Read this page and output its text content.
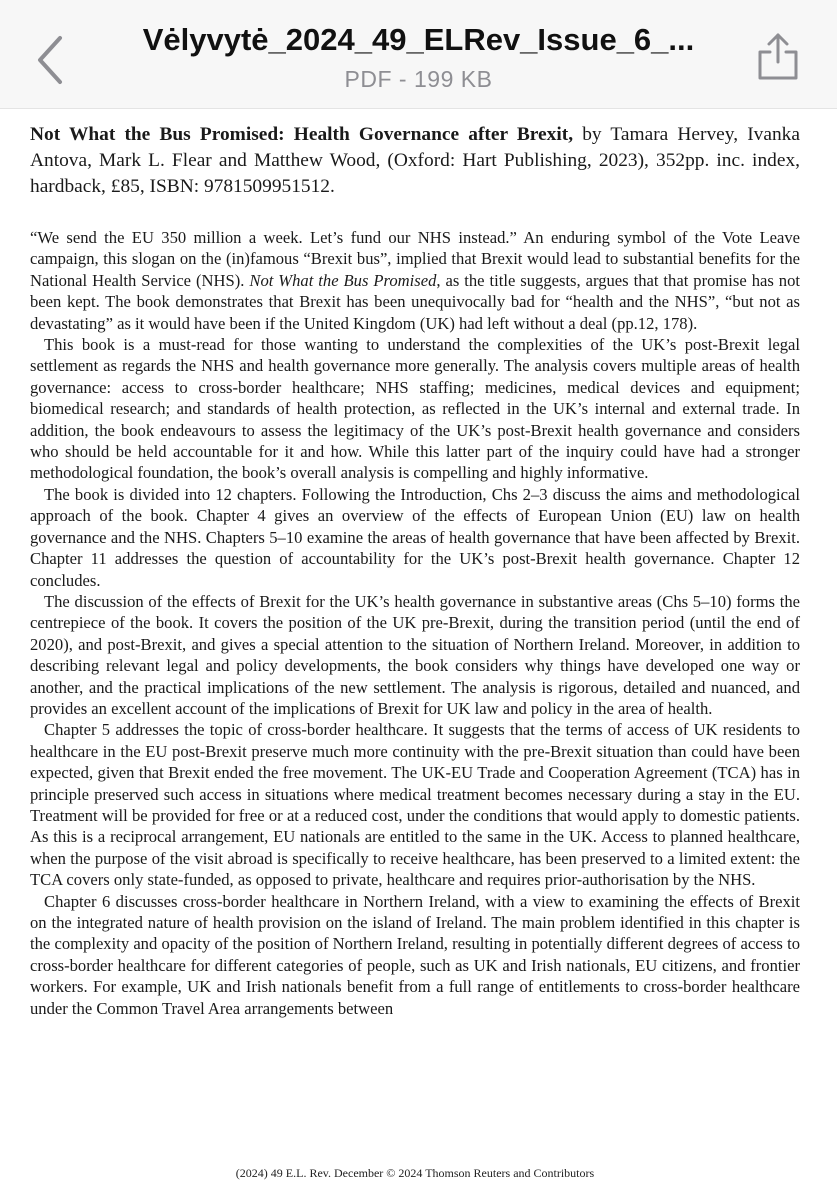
Vėlyvytė_2024_49_ELRev_Issue_6_...
PDF - 199 KB

Not What the Bus Promised: Health Governance after Brexit, by Tamara Hervey, Ivanka Antova, Mark L. Flear and Matthew Wood, (Oxford: Hart Publishing, 2023), 352pp. inc. index, hardback, £85, ISBN: 9781509951512.

“We send the EU 350 million a week. Let’s fund our NHS instead.” An enduring symbol of the Vote Leave campaign, this slogan on the (in)famous “Brexit bus”, implied that Brexit would lead to substantial benefits for the National Health Service (NHS). Not What the Bus Promised, as the title suggests, argues that that promise has not been kept. The book demonstrates that Brexit has been unequivocally bad for “health and the NHS”, “but not as devastating” as it would have been if the United Kingdom (UK) had left without a deal (pp.12, 178).

This book is a must-read for those wanting to understand the complexities of the UK’s post-Brexit legal settlement as regards the NHS and health governance more generally. The analysis covers multiple areas of health governance: access to cross-border healthcare; NHS staffing; medicines, medical devices and equipment; biomedical research; and standards of health protection, as reflected in the UK’s internal and external trade. In addition, the book endeavours to assess the legitimacy of the UK’s post-Brexit health governance and considers who should be held accountable for it and how. While this latter part of the inquiry could have had a stronger methodological foundation, the book’s overall analysis is compelling and highly informative.

The book is divided into 12 chapters. Following the Introduction, Chs 2–3 discuss the aims and methodological approach of the book. Chapter 4 gives an overview of the effects of European Union (EU) law on health governance and the NHS. Chapters 5–10 examine the areas of health governance that have been affected by Brexit. Chapter 11 addresses the question of accountability for the UK’s post-Brexit health governance. Chapter 12 concludes.

The discussion of the effects of Brexit for the UK’s health governance in substantive areas (Chs 5–10) forms the centrepiece of the book. It covers the position of the UK pre-Brexit, during the transition period (until the end of 2020), and post-Brexit, and gives a special attention to the situation of Northern Ireland. Moreover, in addition to describing relevant legal and policy developments, the book considers why things have developed one way or another, and the practical implications of the new settlement. The analysis is rigorous, detailed and nuanced, and provides an excellent account of the implications of Brexit for UK law and policy in the area of health.

Chapter 5 addresses the topic of cross-border healthcare. It suggests that the terms of access of UK residents to healthcare in the EU post-Brexit preserve much more continuity with the pre-Brexit situation than could have been expected, given that Brexit ended the free movement. The UK-EU Trade and Cooperation Agreement (TCA) has in principle preserved such access in situations where medical treatment becomes necessary during a stay in the EU. Treatment will be provided for free or at a reduced cost, under the conditions that would apply to domestic patients. As this is a reciprocal arrangement, EU nationals are entitled to the same in the UK. Access to planned healthcare, when the purpose of the visit abroad is specifically to receive healthcare, has been preserved to a limited extent: the TCA covers only state-funded, as opposed to private, healthcare and requires prior-authorisation by the NHS.

Chapter 6 discusses cross-border healthcare in Northern Ireland, with a view to examining the effects of Brexit on the integrated nature of health provision on the island of Ireland. The main problem identified in this chapter is the complexity and opacity of the position of Northern Ireland, resulting in potentially different degrees of access to cross-border healthcare for different categories of people, such as UK and Irish nationals, EU citizens, and frontier workers. For example, UK and Irish nationals benefit from a full range of entitlements to cross-border healthcare under the Common Travel Area arrangements between

(2024) 49 E.L. Rev. December © 2024 Thomson Reuters and Contributors
